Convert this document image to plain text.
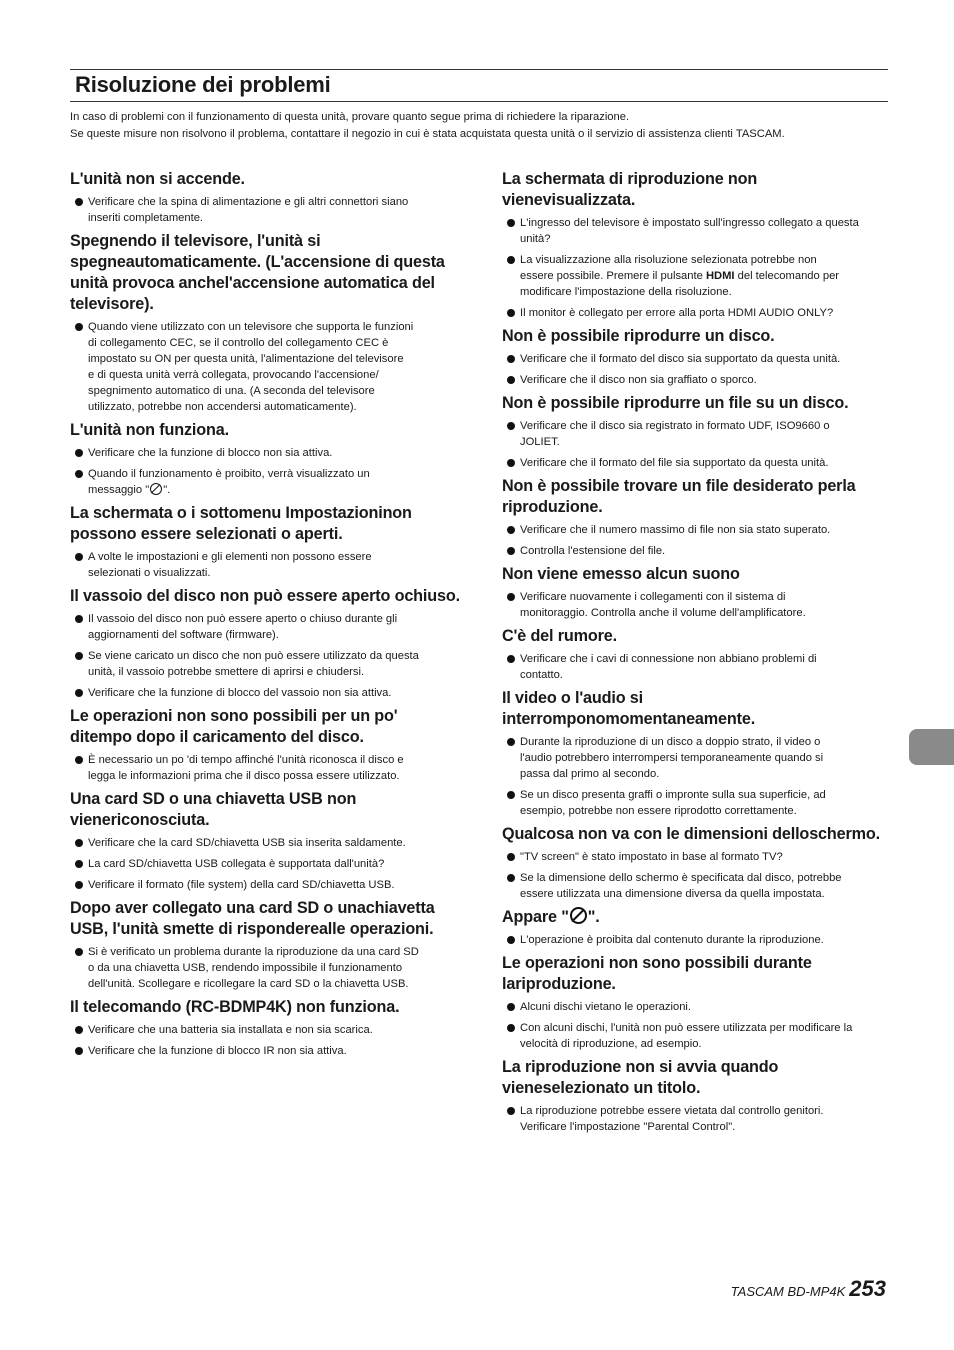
Risoluzione dei problemi

In caso di problemi con il funzionamento di questa unità, provare quanto segue prima di richiedere la riparazione.

Se queste misure non risolvono il problema, contattare il negozio in cui è stata acquistata questa unità o il servizio di assistenza clienti TASCAM.

L'unità non si accende.
Verificare che la spina di alimentazione e gli altri connettori siano
inseriti completamente.
Spegnendo il televisore, l'unità si spegneautomaticamente. (L'accensione di questa unità provoca anchel'accensione automatica del televisore).
Quando viene utilizzato con un televisore che supporta le funzioni
di collegamento CEC, se il controllo del collegamento CEC è
impostato su ON per questa unità, l'alimentazione del televisore
e di questa unità verrà collegata, provocando l'accensione/
spegnimento automatico di una. (A seconda del televisore
utilizzato, potrebbe non accendersi automaticamente).
L'unità non funziona.
Verificare che la funzione di blocco non sia attiva.
Quando il funzionamento è proibito, verrà visualizzato un
messaggio " ".
La schermata o i sottomenu Impostazioninon possono essere selezionati o aperti.
A volte le impostazioni e gli elementi non possono essere
selezionati o visualizzati.
Il vassoio del disco non può essere aperto ochiuso.
Il vassoio del disco non può essere aperto o chiuso durante gli
aggiornamenti del software (firmware).
Se viene caricato un disco che non può essere utilizzato da questa
unità, il vassoio potrebbe smettere di aprirsi e chiudersi.
Verificare che la funzione di blocco del vassoio non sia attiva.
Le operazioni non sono possibili per un po' ditempo dopo il caricamento del disco.
È necessario un po 'di tempo affinché l'unità riconosca il disco e
legga le informazioni prima che il disco possa essere utilizzato.
Una card SD o una chiavetta USB non vienericonosciuta.
Verificare che la card SD/chiavetta USB sia inserita saldamente.
La card SD/chiavetta USB collegata è supportata dall'unità?
Verificare il formato (file system) della card SD/chiavetta USB.
Dopo aver collegato una card SD o unachiavetta USB, l'unità smette di risponderealle operazioni.
Si è verificato un problema durante la riproduzione da una card SD
o da una chiavetta USB, rendendo impossibile il funzionamento
dell'unità. Scollegare e ricollegare la card SD o la chiavetta USB.
Il telecomando (RC-BDMP4K) non funziona.
Verificare che una batteria sia installata e non sia scarica.
Verificare che la funzione di blocco IR non sia attiva.
La schermata di riproduzione non vienevisualizzata.
L'ingresso del televisore è impostato sull'ingresso collegato a questa
unità?
La visualizzazione alla risoluzione selezionata potrebbe non
essere possibile. Premere il pulsante HDMI del telecomando per
modificare l'impostazione della risoluzione.
Il monitor è collegato per errore alla porta HDMI AUDIO ONLY?
Non è possibile riprodurre un disco.
Verificare che il formato del disco sia supportato da questa unità.
Verificare che il disco non sia graffiato o sporco.
Non è possibile riprodurre un file su un disco.
Verificare che il disco sia registrato in formato UDF, ISO9660 o
JOLIET.
Verificare che il formato del file sia supportato da questa unità.
Non è possibile trovare un file desiderato perla riproduzione.
Verificare che il numero massimo di file non sia stato superato.
Controlla l'estensione del file.
Non viene emesso alcun suono
Verificare nuovamente i collegamenti con il sistema di
monitoraggio. Controlla anche il volume dell'amplificatore.
C'è del rumore.
Verificare che i cavi di connessione non abbiano problemi di
contatto.
Il video o l'audio si interromponomomentaneamente.
Durante la riproduzione di un disco a doppio strato, il video o
l'audio potrebbero interrompersi temporaneamente quando si
passa dal primo al secondo.
Se un disco presenta graffi o impronte sulla sua superficie, ad
esempio, potrebbe non essere riprodotto correttamente.
Qualcosa non va con le dimensioni delloschermo.
"TV screen" è stato impostato in base al formato TV?
Se la dimensione dello schermo è specificata dal disco, potrebbe
essere utilizzata una dimensione diversa da quella impostata.
Appare " ".
L'operazione è proibita dal contenuto durante la riproduzione.
Le operazioni non sono possibili durante lariproduzione.
Alcuni dischi vietano le operazioni.
Con alcuni dischi, l'unità non può essere utilizzata per modificare la
velocità di riproduzione, ad esempio.
La riproduzione non si avvia quando vieneselezionato un titolo.
La riproduzione potrebbe essere vietata dal controllo genitori.
Verificare l'impostazione "Parental Control".
TASCAM BD-MP4K 253
